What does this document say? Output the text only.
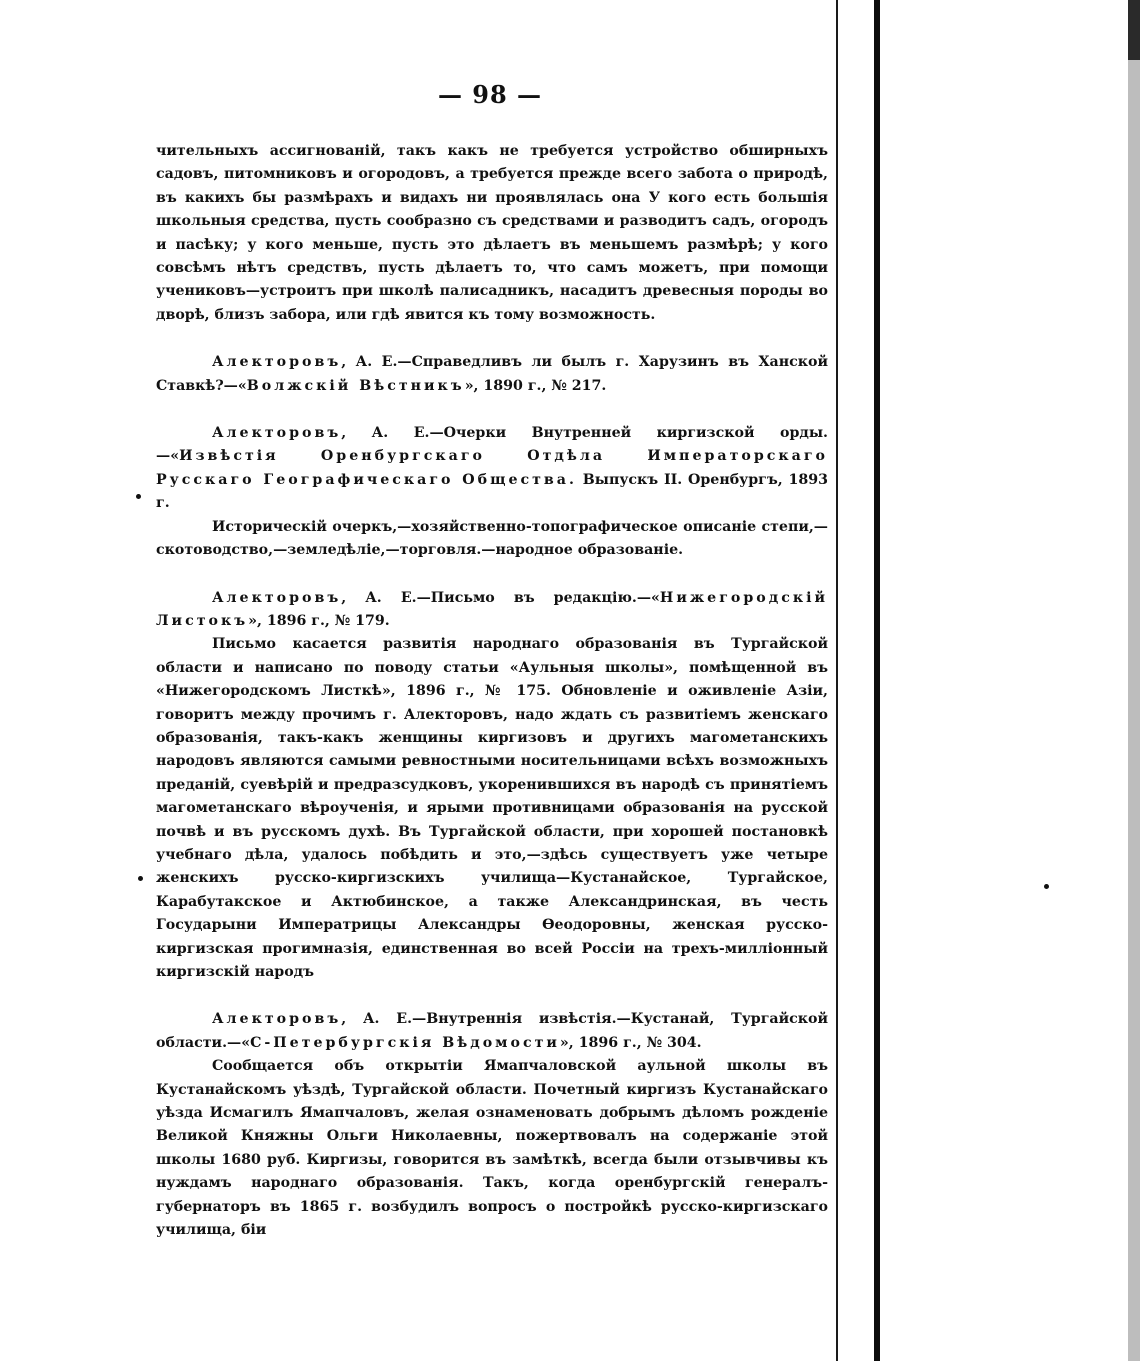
— 98 —

чительныхъ ассигнованій, такъ какъ не требуется устройство обширныхъ садовъ, питомниковъ и огородовъ, а требуется прежде всего забота о природѣ, въ какихъ бы размѣрахъ и видахъ ни проявлялась она У кого есть большія школьныя средства, пусть сообразно съ средствами и разводитъ садъ, огородъ и пасѣку; у кого меньше, пусть это дѣлаетъ въ меньшемъ размѣрѣ; у кого совсѣмъ нѣтъ средствъ, пусть дѣлаетъ то, что самъ можетъ, при помощи учениковъ—устроитъ при школѣ палисадникъ, насадитъ древесныя породы во дворѣ, близъ забора, или гдѣ явится къ тому возможность.

Алекторовъ, А. Е.—Справедливъ ли былъ г. Харузинъ въ Ханской Ставкѣ?—«Волжскій Вѣстникъ», 1890 г., № 217.

Алекторовъ, А. Е.—Очерки Внутренней киргизской орды.—«Извѣстія Оренбургскаго Отдѣла Императорскаго Русскаго Географическаго Общества. Выпускъ II. Оренбургъ, 1893 г.

Историческій очеркъ,—хозяйственно-топографическое описаніе степи,—скотоводство,—земледѣліе,—торговля.—народное образованіе.

Алекторовъ, А. Е.—Письмо въ редакцію.—«Нижегородскій Листокъ», 1896 г., № 179.

Письмо касается развитія народнаго образованія въ Тургайской области и написано по поводу статьи «Аульныя школы», помѣщенной въ «Нижегородскомъ Листкѣ», 1896 г., № 175. Обновленіе и оживленіе Азіи, говоритъ между прочимъ г. Алекторовъ, надо ждать съ развитіемъ женскаго образованія, такъ-какъ женщины киргизовъ и другихъ магометанскихъ народовъ являются самыми ревностными носительницами всѣхъ возможныхъ преданій, суевѣрій и предразсудковъ, укоренившихся въ народѣ съ принятіемъ магометанскаго вѣроученія, и ярыми противницами образованія на русской почвѣ и въ русскомъ духѣ. Въ Тургайской области, при хорошей постановкѣ учебнаго дѣла, удалось побѣдить и это,—здѣсь существуетъ уже четыре женскихъ русско-киргизскихъ училища—Кустанайское, Тургайское, Карабутакское и Актюбинское, а также Александринская, въ честь Государыни Императрицы Александры Ѳеодоровны, женская русско-киргизская прогимназія, единственная во всей Россіи на трехъ-милліонный киргизскій народъ

Алекторовъ, А. Е.—Внутреннія извѣстія.—Кустанай, Тургайской области.—«С-Петербургскія Вѣдомости», 1896 г., № 304.

Сообщается объ открытіи Ямапчаловской аульной школы въ Кустанайскомъ уѣздѣ, Тургайской области. Почетный киргизъ Кустанайскаго уѣзда Исмагилъ Ямапчаловъ, желая ознаменовать добрымъ дѣломъ рожденіе Великой Княжны Ольги Николаевны, пожертвовалъ на содержаніе этой школы 1680 руб. Киргизы, говорится въ замѣткѣ, всегда были отзывчивы къ нуждамъ народнаго образованія. Такъ, когда оренбургскій генералъ-губернаторъ въ 1865 г. возбудилъ вопросъ о постройкѣ русско-киргизскаго училища, біи
